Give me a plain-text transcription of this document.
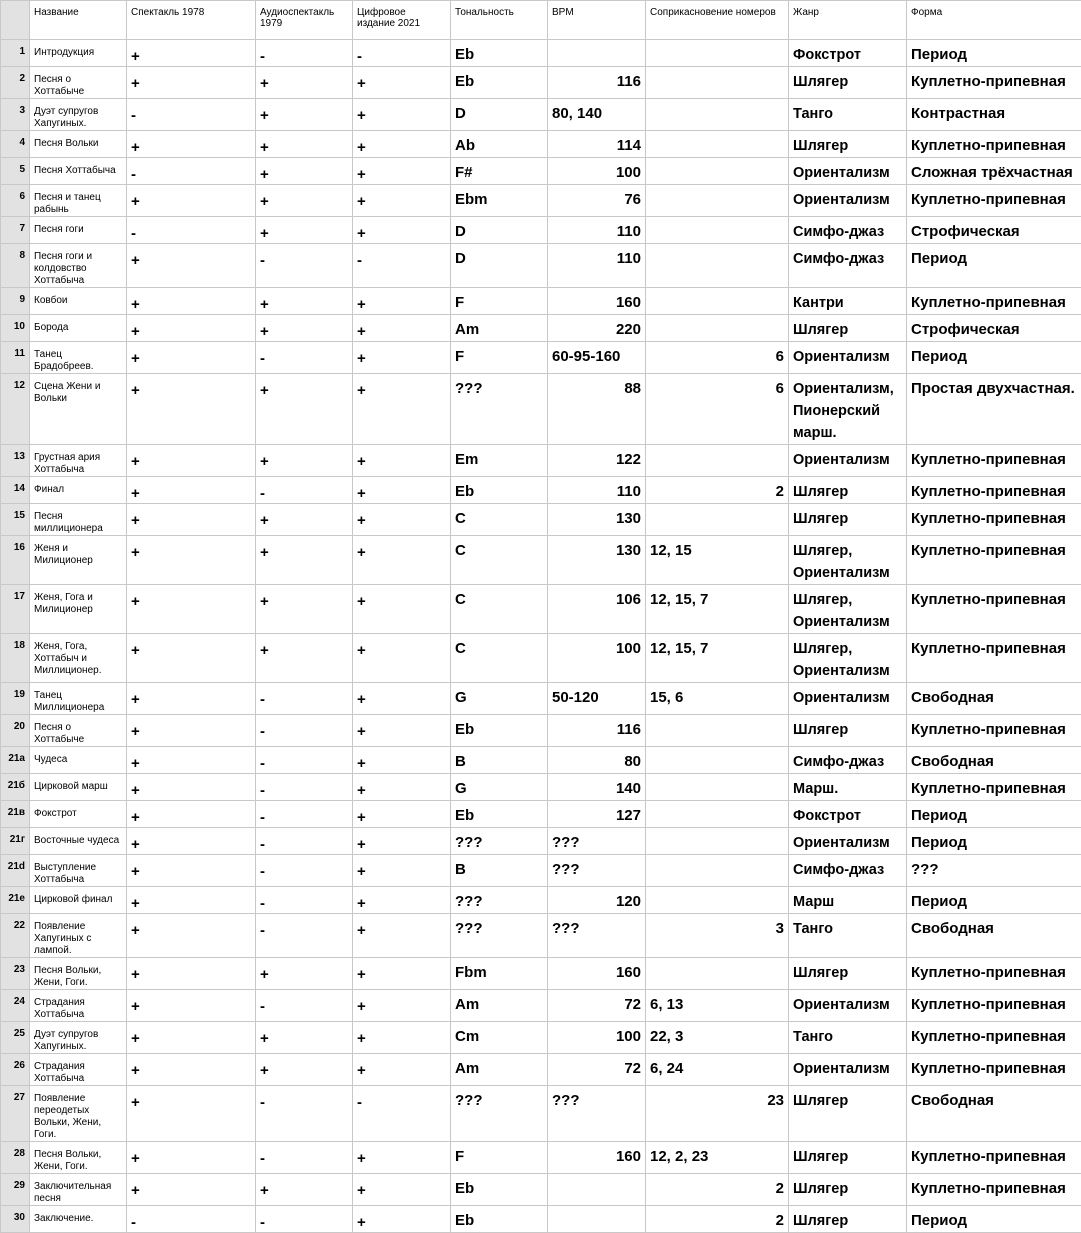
	Название	Спектакль 1978	Аудиоспектакль 1979	Цифровое издание 2021	Тональность	BPM	Соприкасновение номеров	Жанр	Форма
1	Интродукция	+	-	-	Eb			Фокстрот	Период
2	Песня о Хоттабыче	+	+	+	Eb	116		Шлягер	Куплетно-припевная
3	Дуэт супругов Хапугиных.	-	+	+	D	80, 140		Танго	Контрастная
4	Песня Вольки	+	+	+	Ab	114		Шлягер	Куплетно-припевная
5	Песня Хоттабыча	-	+	+	F#	100		Ориентализм	Сложная трёхчастная
6	Песня и танец рабынь	+	+	+	Ebm	76		Ориентализм	Куплетно-припевная
7	Песня гоги	-	+	+	D	110		Симфо-джаз	Строфическая
8	Песня гоги и колдовство Хоттабыча	+	-	-	D	110		Симфо-джаз	Период
9	Ковбои	+	+	+	F	160		Кантри	Куплетно-припевная
10	Борода	+	+	+	Am	220		Шлягер	Строфическая
11	Танец Брадобреев.	+	-	+	F	60-95-160	6	Ориентализм	Период
12	Сцена Жени и Вольки	+	+	+	???	88	6	Ориентализм, Пионерский марш.	Простая двухчастная.
13	Грустная ария Хоттабыча	+	+	+	Em	122		Ориентализм	Куплетно-припевная
14	Финал	+	-	+	Eb	110	2	Шлягер	Куплетно-припевная
15	Песня миллиционера	+	+	+	C	130		Шлягер	Куплетно-припевная
16	Женя и Милиционер	+	+	+	C	130	12, 15	Шлягер, Ориентализм	Куплетно-припевная
17	Женя, Гога и Милиционер	+	+	+	C	106	12, 15, 7	Шлягер, Ориентализм	Куплетно-припевная
18	Женя, Гога, Хоттабыч и Миллиционер.	+	+	+	C	100	12, 15, 7	Шлягер, Ориентализм	Куплетно-припевная
19	Танец Миллиционера	+	-	+	G	50-120	15, 6	Ориентализм	Свободная
20	Песня о Хоттабыче	+	-	+	Eb	116		Шлягер	Куплетно-припевная
21а	Чудеса	+	-	+	B	80		Симфо-джаз	Свободная
21б	Цирковой марш	+	-	+	G	140		Марш.	Куплетно-припевная
21в	Фокстрот	+	-	+	Eb	127		Фокстрот	Период
21г	Восточные чудеса	+	-	+	???	???		Ориентализм	Период
21d	Выступление Хоттабыча	+	-	+	B	???		Симфо-джаз	???
21е	Цирковой финал	+	-	+	???	120		Марш	Период
22	Появление Хапугиных с лампой.	+	-	+	???	???	3	Танго	Свободная
23	Песня Вольки, Жени, Гоги.	+	+	+	Fbm	160		Шлягер	Куплетно-припевная
24	Страдания Хоттабыча	+	-	+	Am	72	6, 13	Ориентализм	Куплетно-припевная
25	Дуэт супругов Хапугиных.	+	+	+	Cm	100	22, 3	Танго	Куплетно-припевная
26	Страдания Хоттабыча	+	+	+	Am	72	6, 24	Ориентализм	Куплетно-припевная
27	Появление переодетых Вольки, Жени, Гоги.	+	-	-	???	???	23	Шлягер	Свободная
28	Песня Вольки, Жени, Гоги.	+	-	+	F	160	12, 2, 23	Шлягер	Куплетно-припевная
29	Заключительная песня	+	+	+	Eb		2	Шлягер	Куплетно-припевная
30	Заключение.	-	-	+	Eb		2	Шлягер	Период
